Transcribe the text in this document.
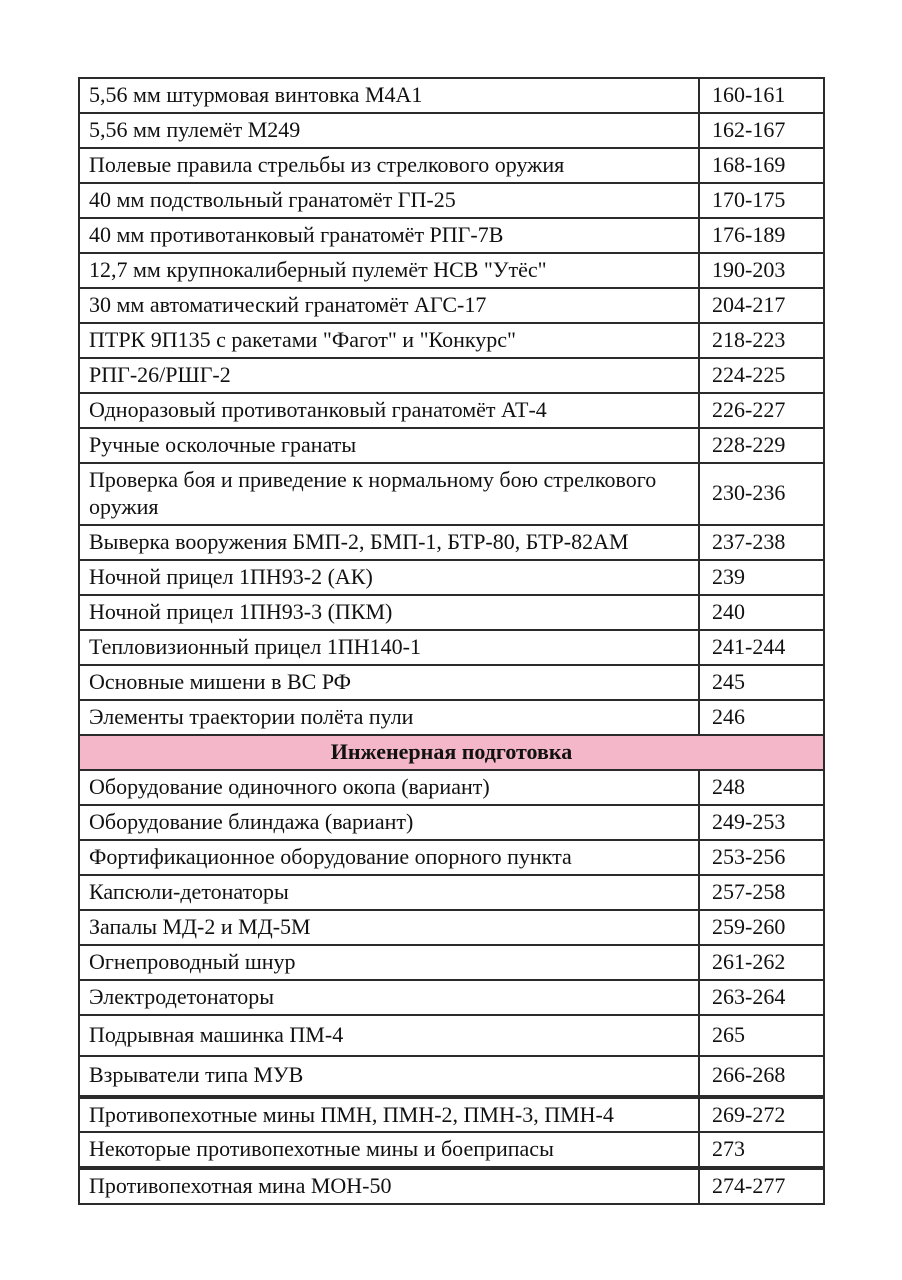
5,56 мм штурмовая винтовка M4A1	160-161
5,56 мм пулемёт M249	162-167
Полевые правила стрельбы из стрелкового оружия	168-169
40 мм подствольный гранатомёт ГП-25	170-175
40 мм противотанковый гранатомёт РПГ-7В	176-189
12,7 мм крупнокалиберный пулемёт НСВ "Утёс"	190-203
30 мм автоматический гранатомёт АГС-17	204-217
ПТРК 9П135 с ракетами "Фагот" и "Конкурс"	218-223
РПГ-26/РШГ-2	224-225
Одноразовый противотанковый гранатомёт АТ-4	226-227
Ручные осколочные гранаты	228-229
Проверка боя и приведение к нормальному бою стрелкового оружия	230-236
Выверка вооружения БМП-2, БМП-1, БТР-80, БТР-82АМ	237-238
Ночной прицел 1ПН93-2 (АК)	239
Ночной прицел 1ПН93-3 (ПКМ)	240
Тепловизионный прицел 1ПН140-1	241-244
Основные мишени в ВС РФ	245
Элементы траектории полёта пули	246
Инженерная подготовка	
Оборудование одиночного окопа (вариант)	248
Оборудование блиндажа (вариант)	249-253
Фортификационное оборудование опорного пункта	253-256
Капсюли-детонаторы	257-258
Запалы МД-2 и МД-5М	259-260
Огнепроводный шнур	261-262
Электродетонаторы	263-264
Подрывная машинка ПМ-4	265
Взрыватели типа МУВ	266-268
Противопехотные мины ПМН, ПМН-2, ПМН-3, ПМН-4	269-272
Некоторые противопехотные мины и боеприпасы	273
Противопехотная мина МОН-50	274-277
